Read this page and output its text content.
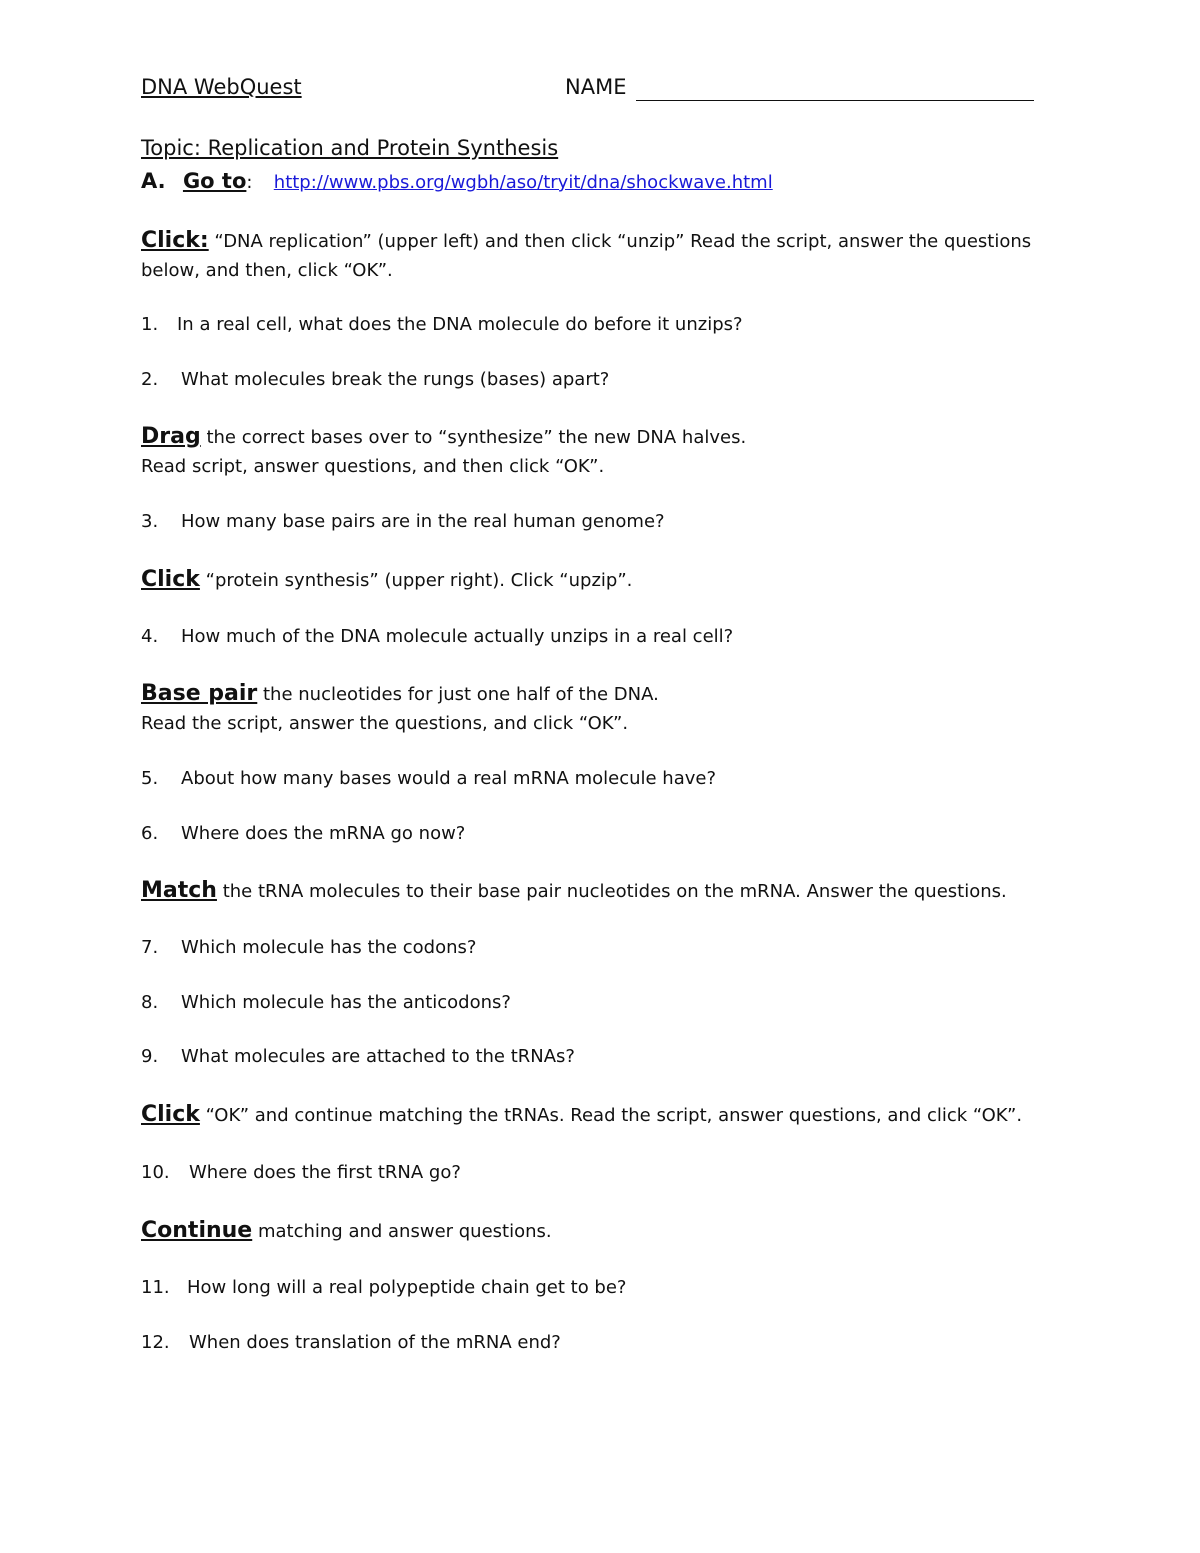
DNA WebQuest	NAME
Topic: Replication and Protein Synthesis
A. Go to: http://www.pbs.org/wgbh/aso/tryit/dna/shockwave.html
Click: “DNA replication” (upper left) and then click “unzip” Read the script, answer the questions
below, and then, click “OK”.
1. In a real cell, what does the DNA molecule do before it unzips?
2. What molecules break the rungs (bases) apart?
Drag the correct bases over to “synthesize” the new DNA halves.
Read script, answer questions, and then click “OK”.
3. How many base pairs are in the real human genome?
Click “protein synthesis” (upper right). Click “upzip”.
4. How much of the DNA molecule actually unzips in a real cell?
Base pair the nucleotides for just one half of the DNA.
Read the script, answer the questions, and click “OK”.
5. About how many bases would a real mRNA molecule have?
6. Where does the mRNA go now?
Match the tRNA molecules to their base pair nucleotides on the mRNA. Answer the questions.
7. Which molecule has the codons?
8. Which molecule has the anticodons?
9. What molecules are attached to the tRNAs?
Click “OK” and continue matching the tRNAs. Read the script, answer questions, and click “OK”.
10. Where does the first tRNA go?
Continue matching and answer questions.
11. How long will a real polypeptide chain get to be?
12. When does translation of the mRNA end?
